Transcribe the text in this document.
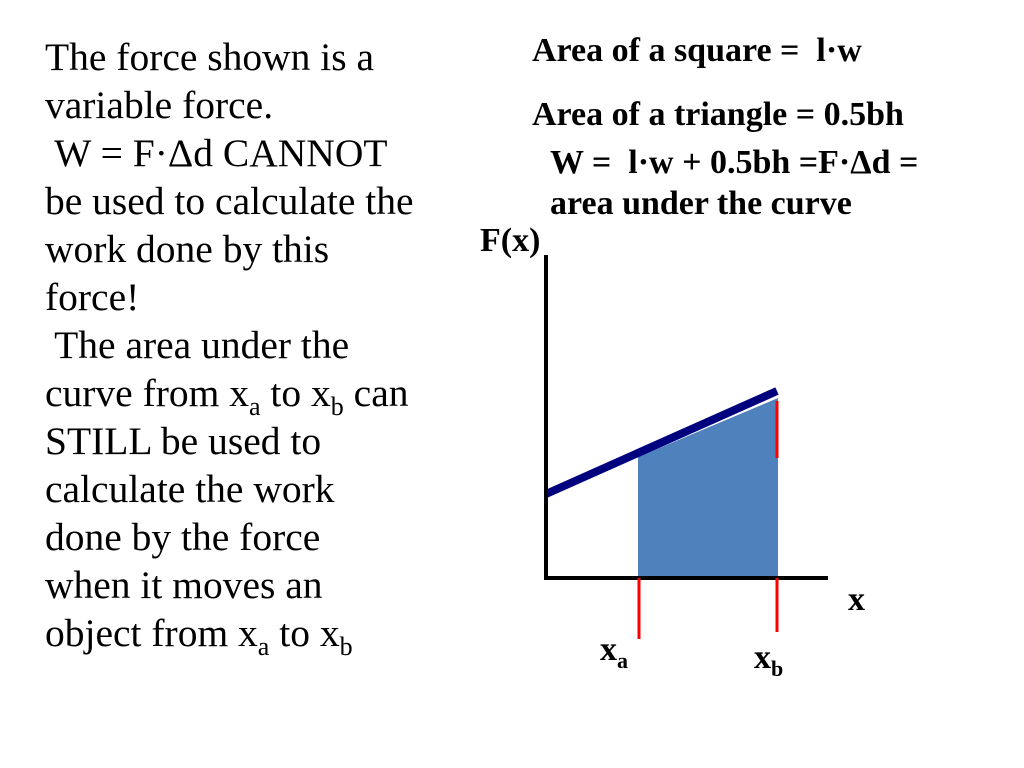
F(x)
x
$x_a$	$x_b$
The force shown is a
variable force.
W = F·Δd CANNOT
be used to calculate the
work done by this
force!
The area under the
curve from $x_a$ to $x_b$ can
STILL be used to
calculate the work
done by the force
when it moves an
object from $x_a$ to $x_b$
Area of a square =  l·w
Area of a triangle = 0.5bh
W =  l·w + 0.5bh =F·Δd =
area under the curve
